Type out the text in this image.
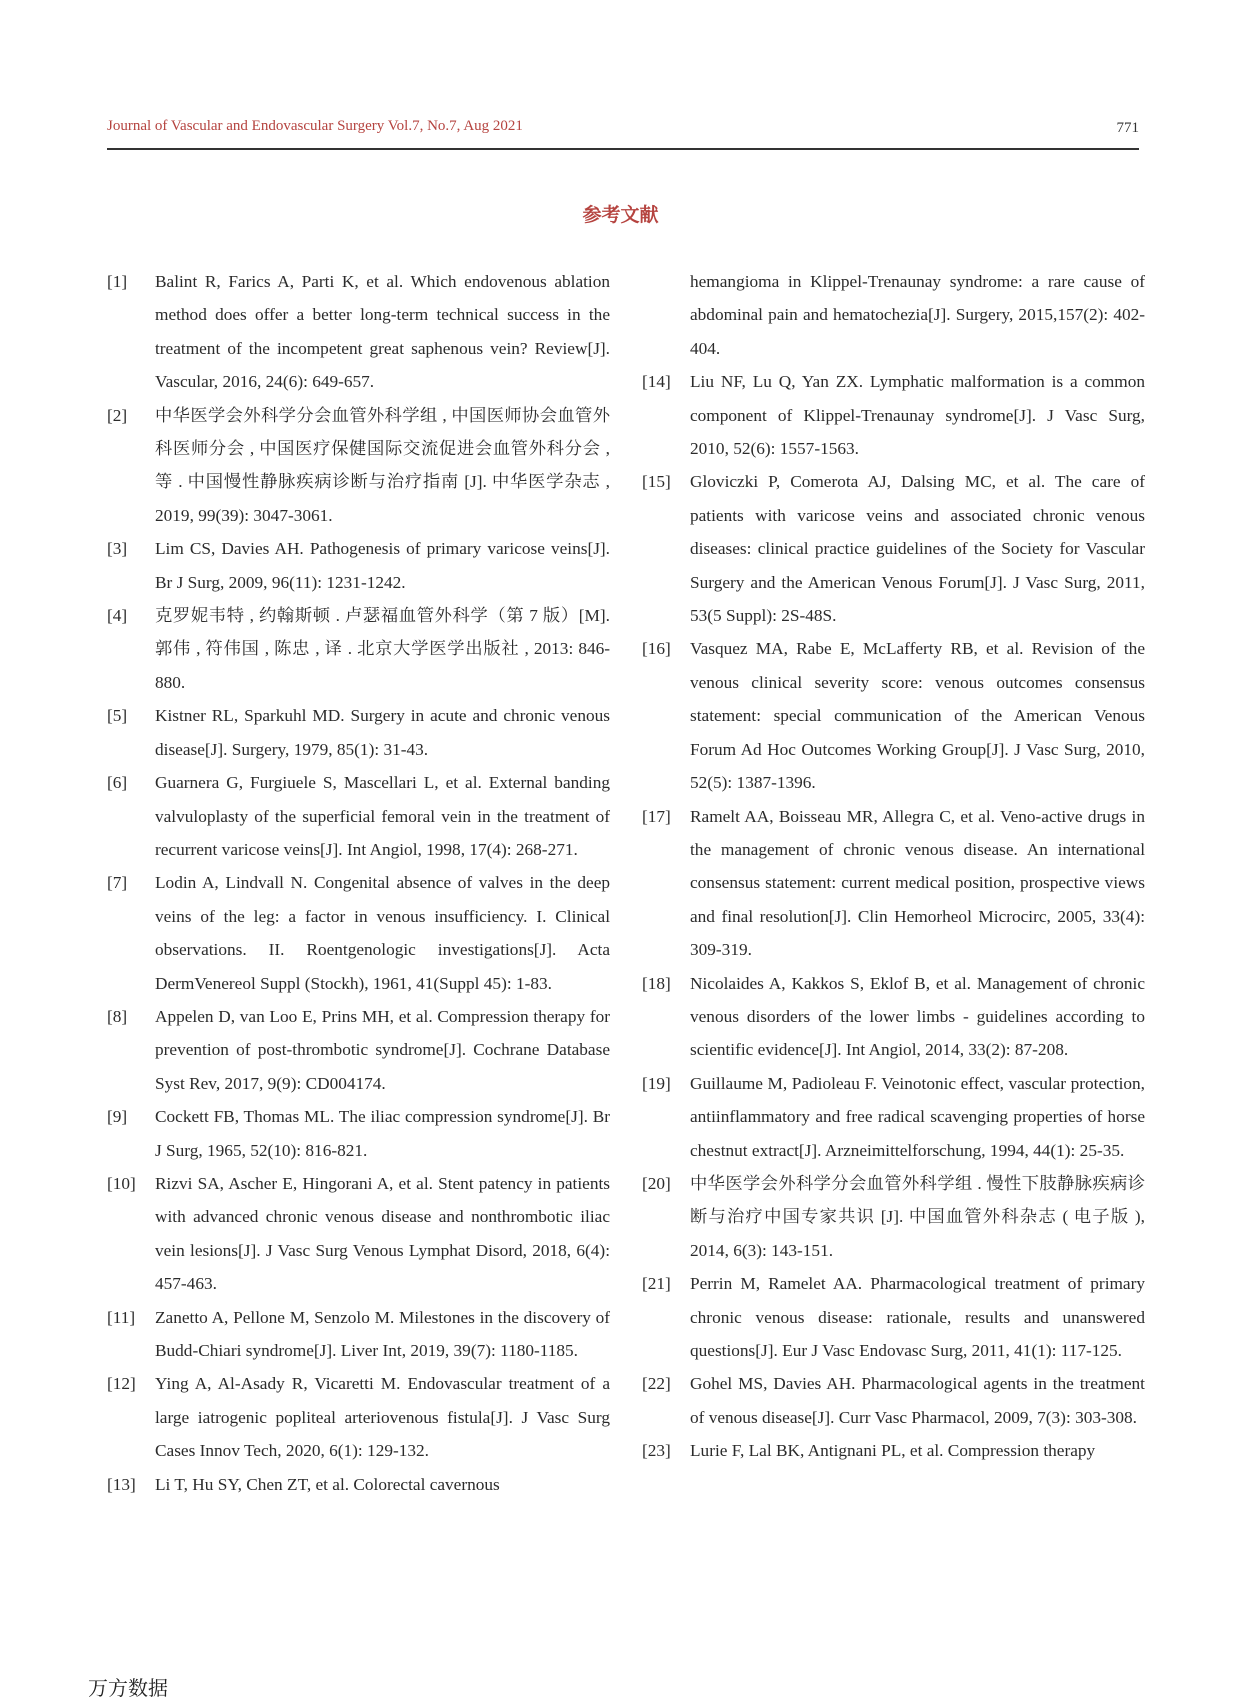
Journal of Vascular and Endovascular Surgery Vol.7, No.7, Aug 2021	771
参考文献

[1] Balint R, Farics A, Parti K, et al. Which endovenous ablation method does offer a better long-term technical success in the treatment of the incompetent great saphenous vein? Review[J]. Vascular, 2016, 24(6): 649-657.

[2] 中华医学会外科学分会血管外科学组 , 中国医师协会血管外科医师分会 , 中国医疗保健国际交流促进会血管外科分会 , 等 . 中国慢性静脉疾病诊断与治疗指南 [J]. 中华医学杂志 , 2019, 99(39): 3047-3061.

[3] Lim CS, Davies AH. Pathogenesis of primary varicose veins[J]. Br J Surg, 2009, 96(11): 1231-1242.

[4] 克罗妮韦特 , 约翰斯顿 . 卢瑟福血管外科学（第 7 版）[M]. 郭伟 , 符伟国 , 陈忠 , 译 . 北京大学医学出版社 , 2013: 846-880.

[5] Kistner RL, Sparkuhl MD. Surgery in acute and chronic venous disease[J]. Surgery, 1979, 85(1): 31-43.

[6] Guarnera G, Furgiuele S, Mascellari L, et al. External banding valvuloplasty of the superficial femoral vein in the treatment of recurrent varicose veins[J]. Int Angiol, 1998, 17(4): 268-271.

[7] Lodin A, Lindvall N. Congenital absence of valves in the deep veins of the leg: a factor in venous insufficiency. I. Clinical observations. II. Roentgenologic investigations[J]. Acta DermVenereol Suppl (Stockh), 1961, 41(Suppl 45): 1-83.

[8] Appelen D, van Loo E, Prins MH, et al. Compression therapy for prevention of post-thrombotic syndrome[J]. Cochrane Database Syst Rev, 2017, 9(9): CD004174.

[9] Cockett FB, Thomas ML. The iliac compression syndrome[J]. Br J Surg, 1965, 52(10): 816-821.

[10] Rizvi SA, Ascher E, Hingorani A, et al. Stent patency in patients with advanced chronic venous disease and nonthrombotic iliac vein lesions[J]. J Vasc Surg Venous Lymphat Disord, 2018, 6(4): 457-463.

[11] Zanetto A, Pellone M, Senzolo M. Milestones in the discovery of Budd-Chiari syndrome[J]. Liver Int, 2019, 39(7): 1180-1185.

[12] Ying A, Al-Asady R, Vicaretti M. Endovascular treatment of a large iatrogenic popliteal arteriovenous fistula[J]. J Vasc Surg Cases Innov Tech, 2020, 6(1): 129-132.

[13] Li T, Hu SY, Chen ZT, et al. Colorectal cavernous

hemangioma in Klippel-Trenaunay syndrome: a rare cause of abdominal pain and hematochezia[J]. Surgery, 2015,157(2): 402-404.

[14] Liu NF, Lu Q, Yan ZX. Lymphatic malformation is a common component of Klippel-Trenaunay syndrome[J]. J Vasc Surg, 2010, 52(6): 1557-1563.

[15] Gloviczki P, Comerota AJ, Dalsing MC, et al. The care of patients with varicose veins and associated chronic venous diseases: clinical practice guidelines of the Society for Vascular Surgery and the American Venous Forum[J]. J Vasc Surg, 2011, 53(5 Suppl): 2S-48S.

[16] Vasquez MA, Rabe E, McLafferty RB, et al. Revision of the venous clinical severity score: venous outcomes consensus statement: special communication of the American Venous Forum Ad Hoc Outcomes Working Group[J]. J Vasc Surg, 2010, 52(5): 1387-1396.

[17] Ramelt AA, Boisseau MR, Allegra C, et al. Veno-active drugs in the management of chronic venous disease. An international consensus statement: current medical position, prospective views and final resolution[J]. Clin Hemorheol Microcirc, 2005, 33(4): 309-319.

[18] Nicolaides A, Kakkos S, Eklof B, et al. Management of chronic venous disorders of the lower limbs - guidelines according to scientific evidence[J]. Int Angiol, 2014, 33(2): 87-208.

[19] Guillaume M, Padioleau F. Veinotonic effect, vascular protection, antiinflammatory and free radical scavenging properties of horse chestnut extract[J]. Arzneimittelforschung, 1994, 44(1): 25-35.

[20] 中华医学会外科学分会血管外科学组 . 慢性下肢静脉疾病诊断与治疗中国专家共识 [J]. 中国血管外科杂志 ( 电子版 ), 2014, 6(3): 143-151.

[21] Perrin M, Ramelet AA. Pharmacological treatment of primary chronic venous disease: rationale, results and unanswered questions[J]. Eur J Vasc Endovasc Surg, 2011, 41(1): 117-125.

[22] Gohel MS, Davies AH. Pharmacological agents in the treatment of venous disease[J]. Curr Vasc Pharmacol, 2009, 7(3): 303-308.

[23] Lurie F, Lal BK, Antignani PL, et al. Compression therapy

万方数据
